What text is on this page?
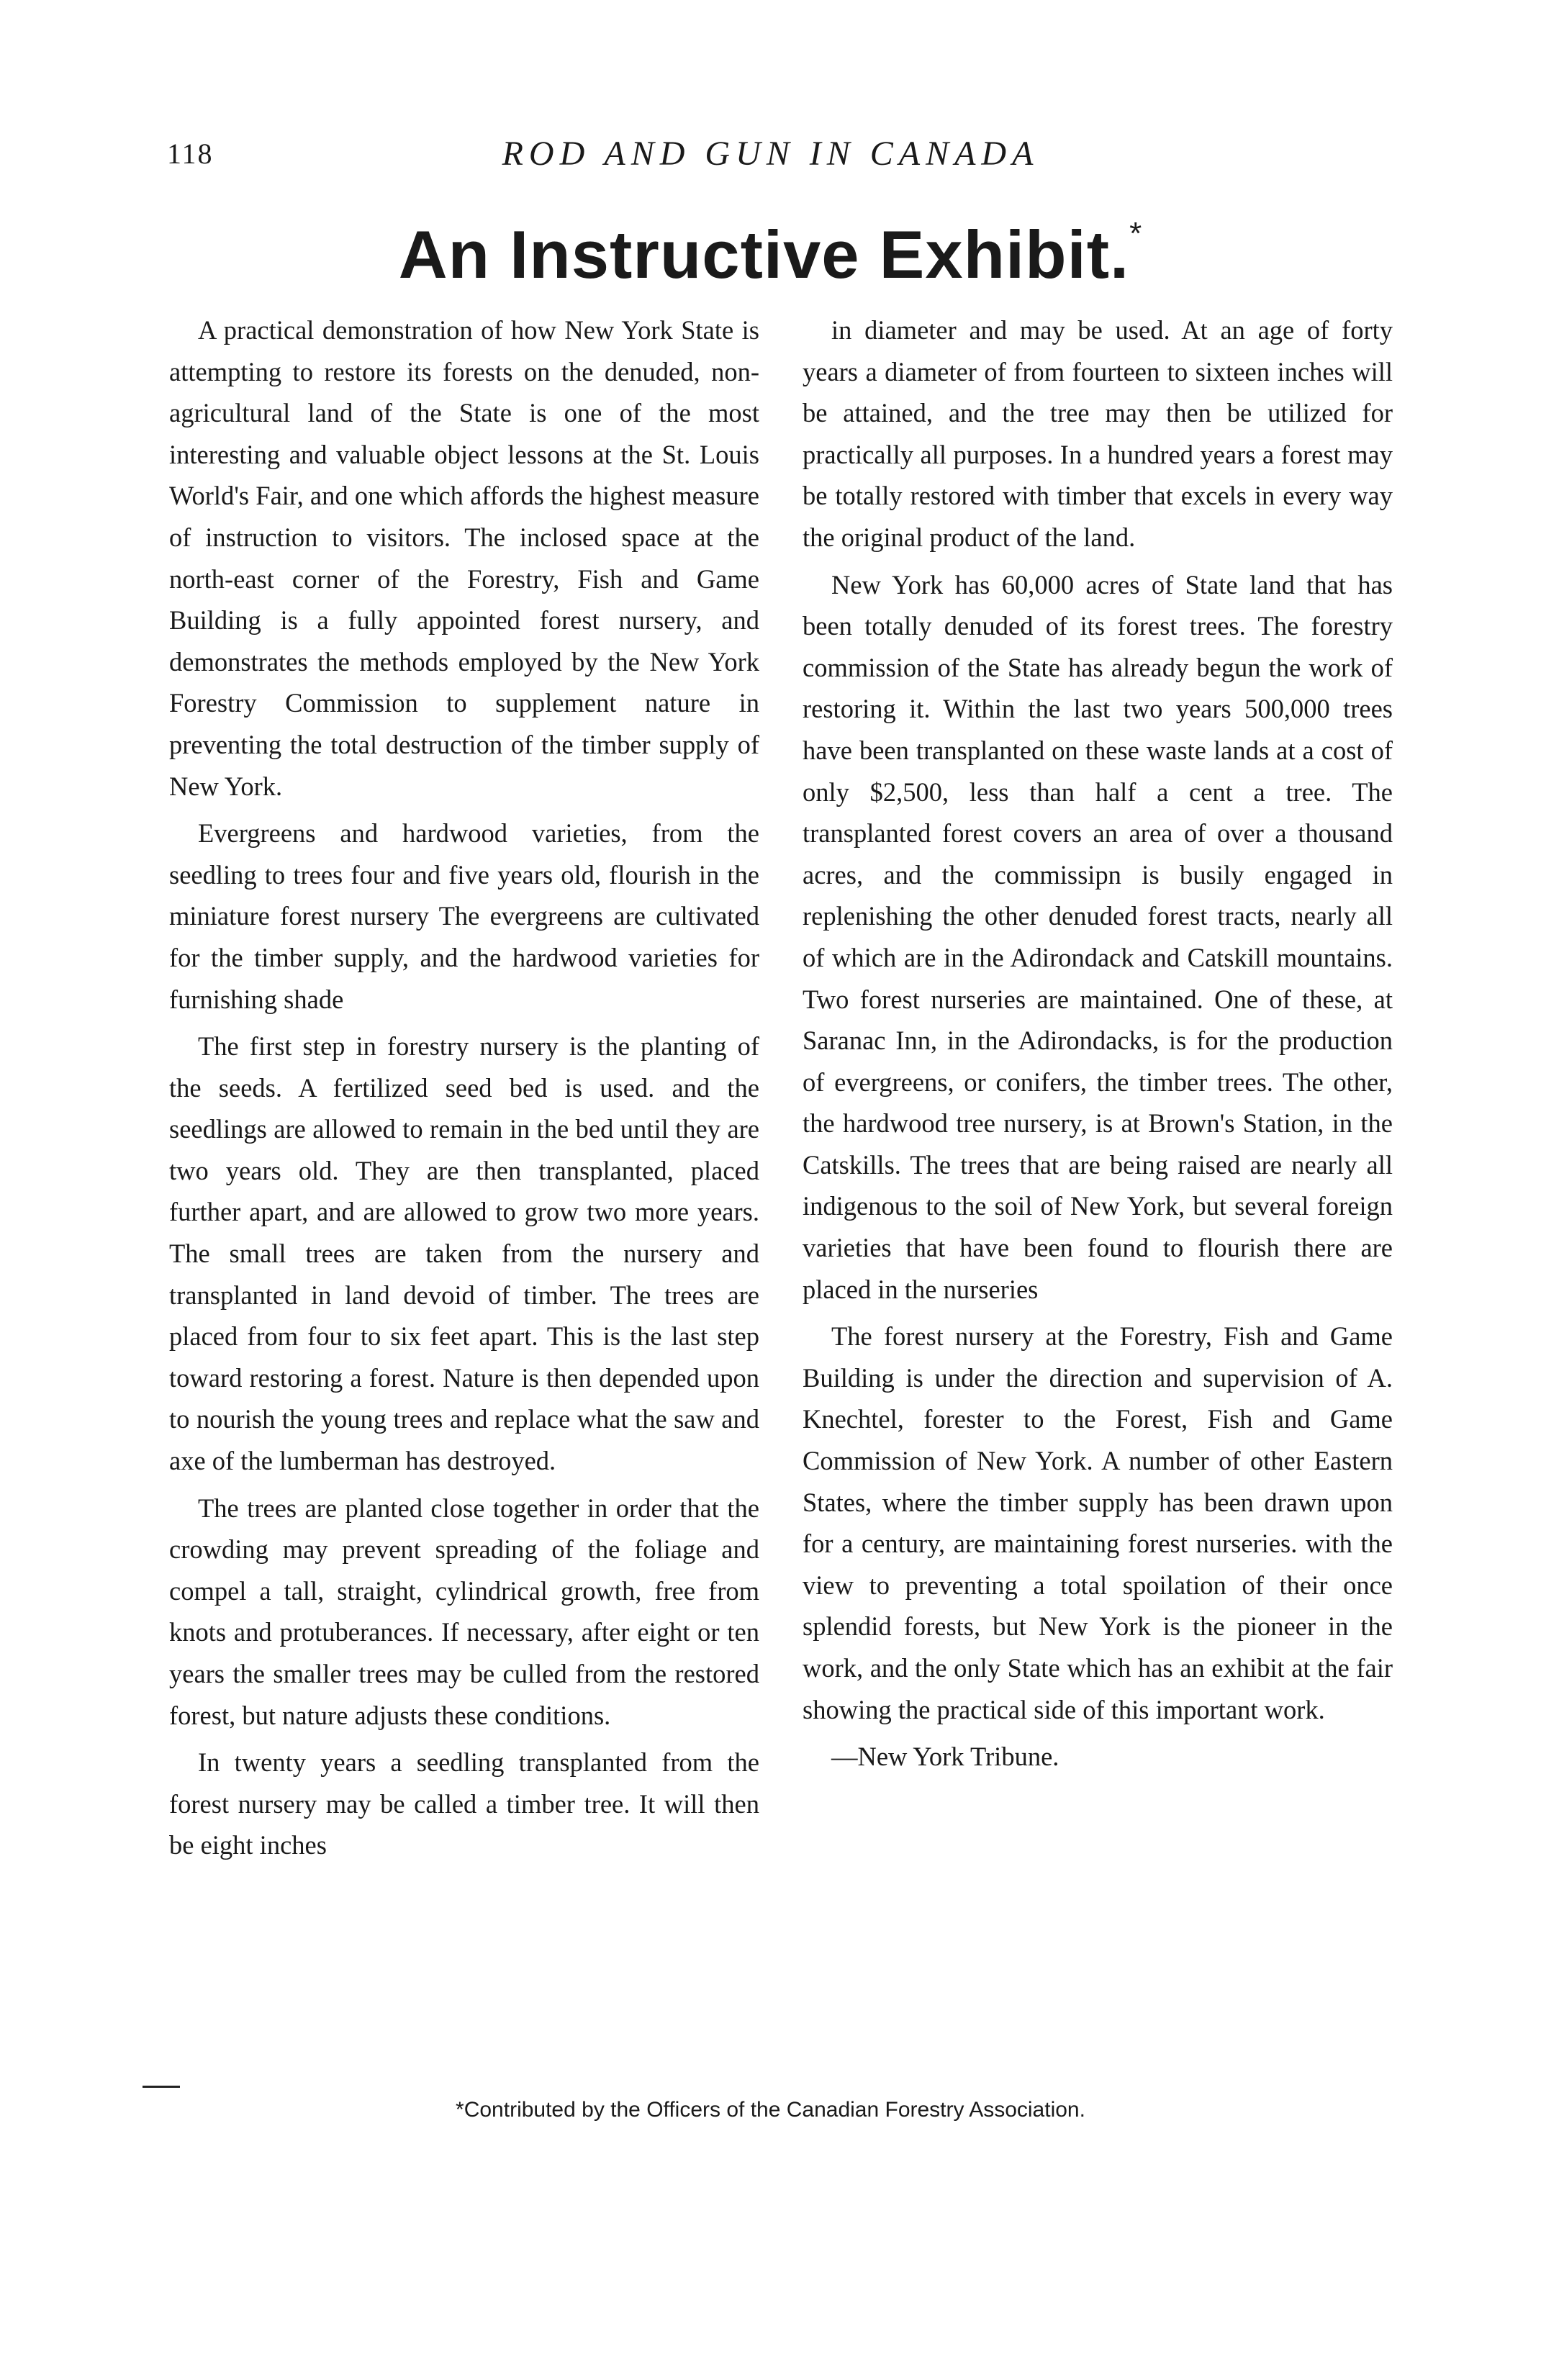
118	ROD AND GUN IN CANADA
An Instructive Exhibit.*

A practical demonstration of how New York State is attempting to restore its forests on the denuded, non-agricultural land of the State is one of the most interesting and valuable object lessons at the St. Louis World's Fair, and one which affords the highest measure of instruction to visitors. The inclosed space at the north-east corner of the Forestry, Fish and Game Building is a fully appointed forest nursery, and demonstrates the methods employed by the New York Forestry Commission to supplement nature in preventing the total destruction of the timber supply of New York.

Evergreens and hardwood varieties, from the seedling to trees four and five years old, flourish in the miniature forest nursery The evergreens are cultivated for the timber supply, and the hardwood varieties for furnishing shade

The first step in forestry nursery is the planting of the seeds. A fertilized seed bed is used. and the seedlings are allowed to remain in the bed until they are two years old. They are then transplanted, placed further apart, and are allowed to grow two more years. The small trees are taken from the nursery and transplanted in land devoid of timber. The trees are placed from four to six feet apart. This is the last step toward restoring a forest. Nature is then depended upon to nourish the young trees and replace what the saw and axe of the lumberman has destroyed.

The trees are planted close together in order that the crowding may prevent spreading of the foliage and compel a tall, straight, cylindrical growth, free from knots and protuberances. If necessary, after eight or ten years the smaller trees may be culled from the restored forest, but nature adjusts these conditions.

In twenty years a seedling transplanted from the forest nursery may be called a timber tree. It will then be eight inches

in diameter and may be used. At an age of forty years a diameter of from fourteen to sixteen inches will be attained, and the tree may then be utilized for practically all purposes. In a hundred years a forest may be totally restored with timber that excels in every way the original product of the land.

New York has 60,000 acres of State land that has been totally denuded of its forest trees. The forestry commission of the State has already begun the work of restoring it. Within the last two years 500,000 trees have been transplanted on these waste lands at a cost of only $2,500, less than half a cent a tree. The transplanted forest covers an area of over a thousand acres, and the commissipn is busily engaged in replenishing the other denuded forest tracts, nearly all of which are in the Adirondack and Catskill mountains. Two forest nurseries are maintained. One of these, at Saranac Inn, in the Adirondacks, is for the production of evergreens, or conifers, the timber trees. The other, the hardwood tree nursery, is at Brown's Station, in the Catskills. The trees that are being raised are nearly all indigenous to the soil of New York, but several foreign varieties that have been found to flourish there are placed in the nurseries

The forest nursery at the Forestry, Fish and Game Building is under the direction and supervision of A. Knechtel, forester to the Forest, Fish and Game Commission of New York. A number of other Eastern States, where the timber supply has been drawn upon for a century, are maintaining forest nurseries. with the view to preventing a total spoilation of their once splendid forests, but New York is the pioneer in the work, and the only State which has an exhibit at the fair showing the practical side of this important work.

—New York Tribune.

*Contributed by the Officers of the Canadian Forestry Association.
